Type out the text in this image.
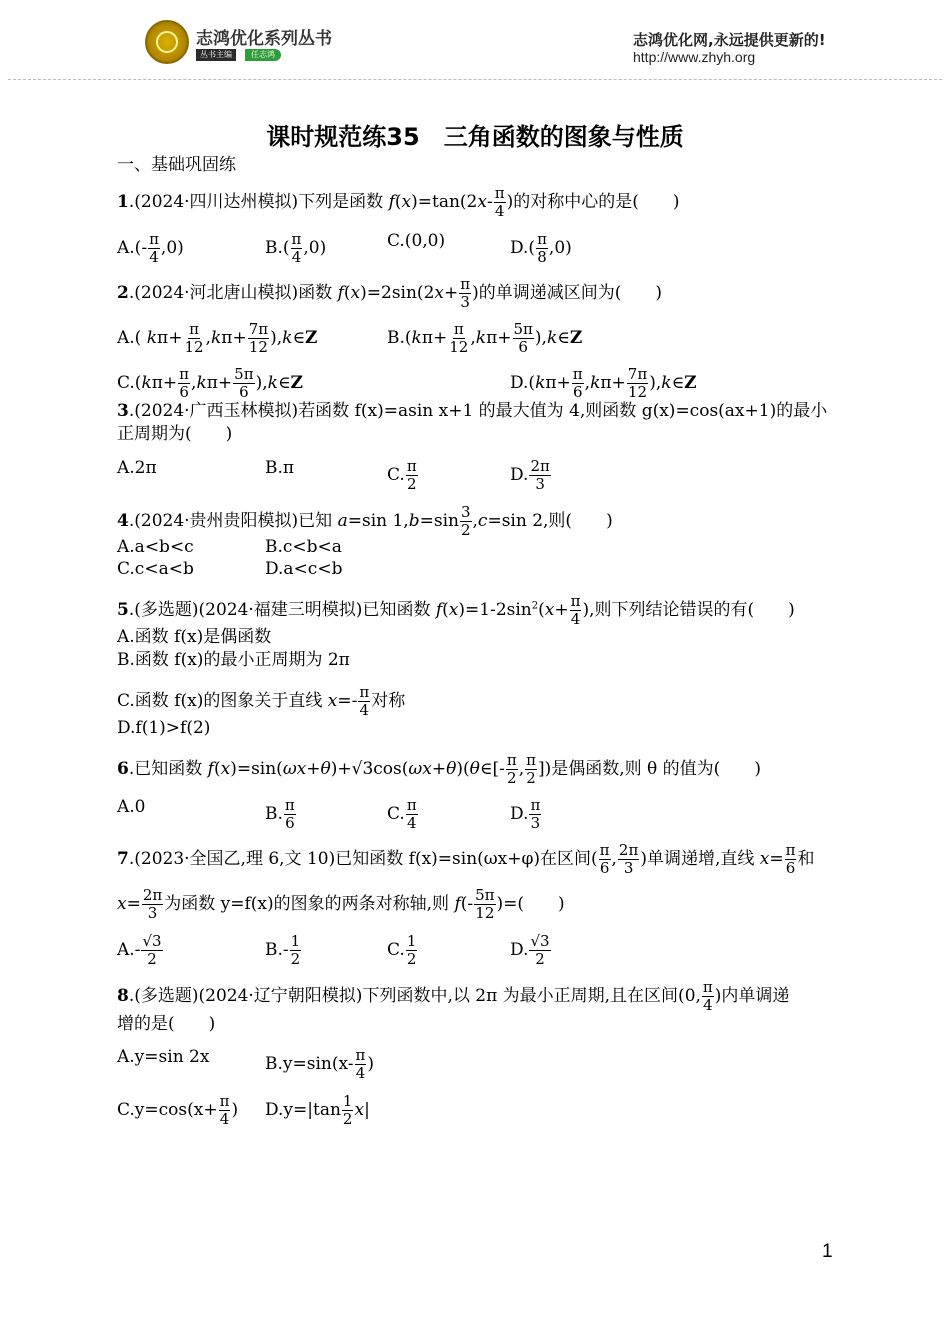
志鸿优化系列丛书
丛书主编	任志鸿
志鸿优化网,永远提供更新的!
http://www.zhyh.org
课时规范练35　三角函数的图象与性质
一、基础巩固练
1.(2024·四川达州模拟)下列是函数 $f(x)=\tan(2x- \frac{\pi}{4}$ )的对称中心的是(　　)
$A.(- \frac{\pi}{4} ,0)$	$B.( \frac{\pi}{4} ,0)$	C.(0,0)	$D.( \frac{\pi}{8} ,0)$
2.(2024·河北唐山模拟)函数 $f(x)=2\sin(2x+ \frac{\pi}{3}$ )的单调递减区间为(　　)
A.( $k\pi+ \frac{\pi}{12} ,k\pi+ \frac{7\pi}{12}$ ),k∈Z	$B.(k\pi+ \frac{\pi}{12} ,k\pi+ \frac{5\pi}{6}$ ),k∈Z
$C.(k\pi+ \frac{\pi}{6} ,k\pi+ \frac{5\pi}{6}$ ),k∈Z	$D.(k\pi+ \frac{\pi}{6} ,k\pi+ \frac{7\pi}{12}$ ),k∈Z
3.(2024·广西玉林模拟)若函数 f(x)=asin x+1 的最大值为 4,则函数 g(x)=cos(ax+1)的最小
正周期为(　　)
A.2π	B.π	C. $\frac{\pi}{2}$	D. $\frac{2\pi}{3}$
4.(2024·贵州贵阳模拟)已知 a=sin $1,b=\sin \frac{3}{2} ,c=\sin$ 2,则(　　)
A.a<b<c	B.c<b<a
C.c<a<b	D.a<c<b
5.(多选题)(2024·福建三明模拟)已知函数 $f(x)=1-2\sin^2(x+ \frac{\pi}{4}$ ),则下列结论错误的有(　　)
A.函数 f(x)是偶函数
B.函数 f(x)的最小正周期为 2π
C.函数 f(x)的图象关于直线 $x=- \frac{\pi}{4}$ 对称
D.f(1)>f(2)
6.已知函数 f(x)=sin(ωx+θ)+√3cos(ωx+θ)(θ∈[- $\frac{\pi}{2}$ , $\frac{\pi}{2}$ ])是偶函数,则 θ 的值为(　　)
A.0	B. $\frac{\pi}{6}$	C. $\frac{\pi}{4}$	D. $\frac{\pi}{3}$
7.(2023·全国乙,理 6,文 10)已知函数 f(x)=sin(ωx+φ)在区间( $\frac{\pi}{6}$ , $\frac{2\pi}{3}$ )单调递增,直线 $x= \frac{\pi}{6}$ 和
$x= \frac{2\pi}{3}$ 为函数 y=f(x)的图象的两条对称轴,则 $f(- \frac{5\pi}{12}$ )=(　　)
$A.- \frac{√3}{2}$	$B.- \frac{1}{2}$	C. $\frac{1}{2}$	D. $\frac{√3}{2}$
8.(多选题)(2024·辽宁朝阳模拟)下列函数中,以 2π 为最小正周期,且在区间(0, $\frac{\pi}{4}$ )内单调递
增的是(　　)
A.y=sin 2x	$B.y=\sin(x- \frac{\pi}{4}$ )
$C.y=\cos(x+ \frac{\pi}{4}$ ) $D.y=|\tan \frac{1}{2} x|$
1
